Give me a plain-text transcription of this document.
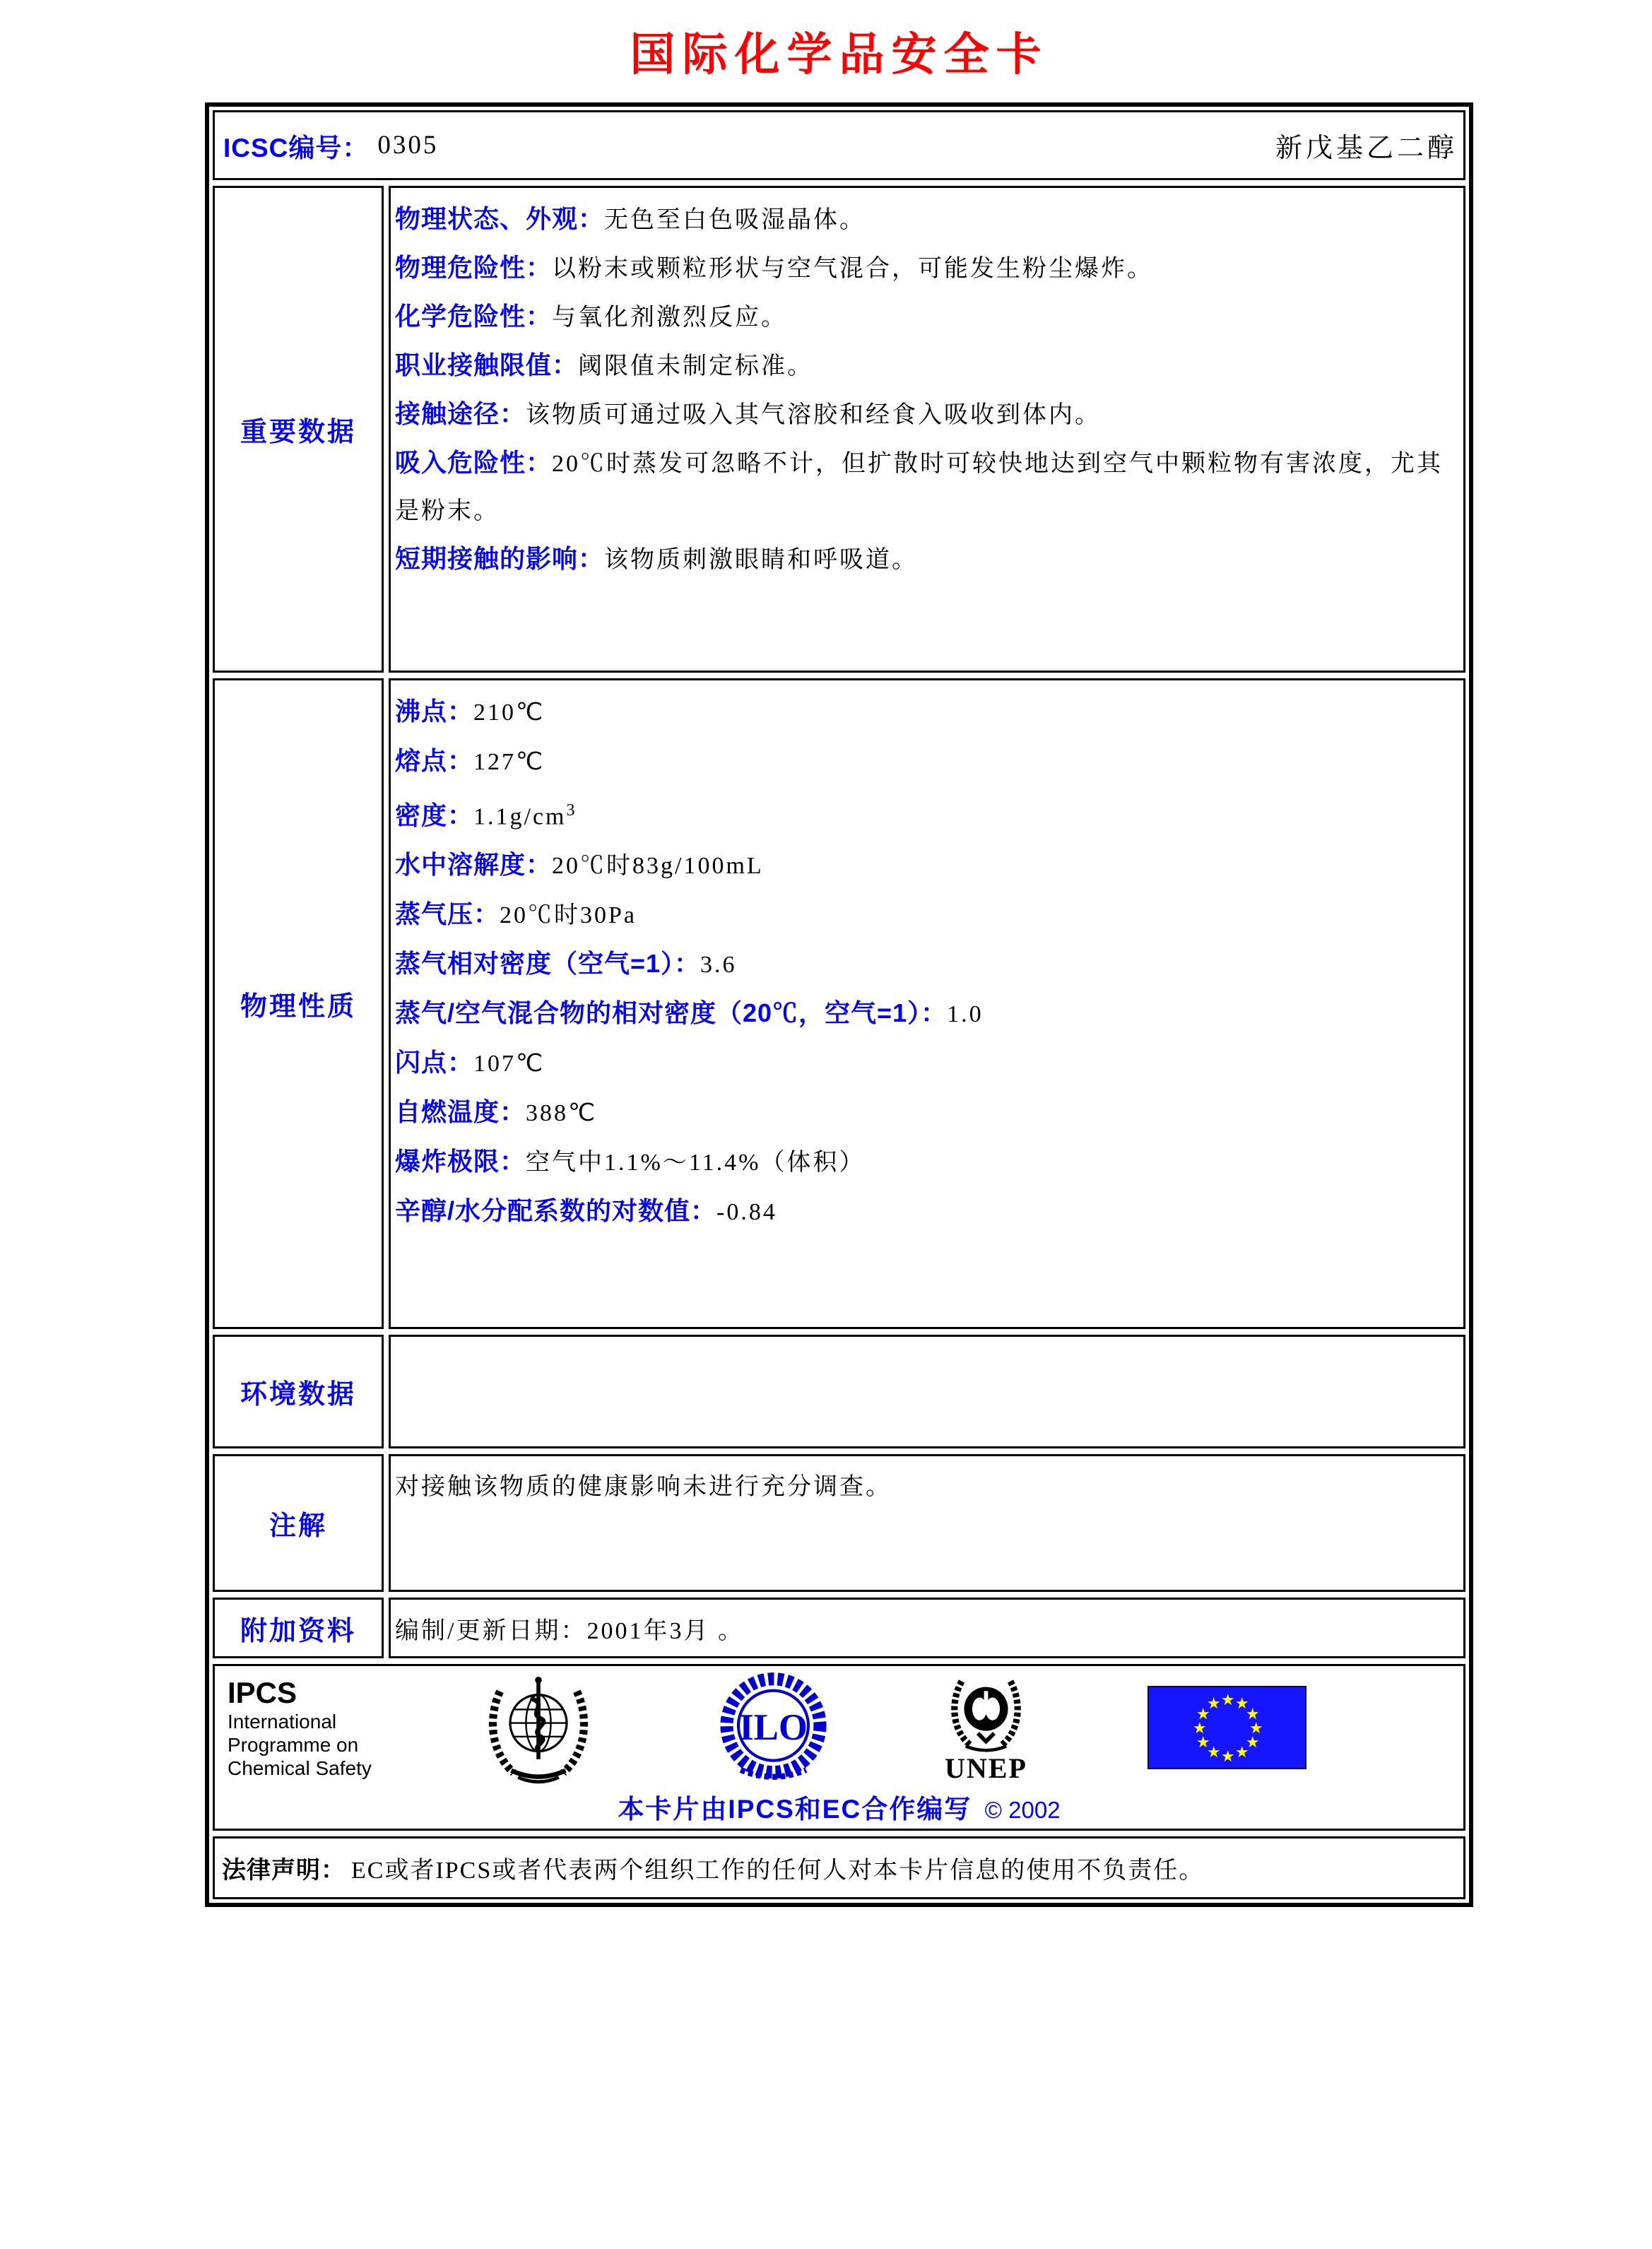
国际化学品安全卡
ICSC编号： 0305	新戊基乙二醇
重要数据
物理状态、外观：无色至白色吸湿晶体。
物理危险性：以粉末或颗粒形状与空气混合，可能发生粉尘爆炸。
化学危险性：与氧化剂激烈反应。
职业接触限值：阈限值未制定标准。
接触途径：该物质可通过吸入其气溶胶和经食入吸收到体内。
吸入危险性：20℃时蒸发可忽略不计，但扩散时可较快地达到空气中颗粒物有害浓度，尤其是粉末。
短期接触的影响：该物质刺激眼睛和呼吸道。
物理性质
沸点：210℃
熔点：127℃
密度：$1.1g/cm^3$
水中溶解度：20℃时83g/100mL
蒸气压：20℃时30Pa
蒸气相对密度（空气=1）：3.6
蒸气/空气混合物的相对密度（20℃，空气=1）：1.0
闪点：107℃
自燃温度：388℃
爆炸极限：空气中1.1%～11.4%（体积）
辛醇/水分配系数的对数值：-0.84
环境数据
注解
对接触该物质的健康影响未进行充分调查。
附加资料 编制/更新日期：2001年3月 。
IPCS
International
Programme on
Chemical Safety
ILO
UNEP
★
★
★
★
★
★
★
★
★
★
★
★
本卡片由IPCS和EC合作编写 © 2002
法律声明： EC或者IPCS或者代表两个组织工作的任何人对本卡片信息的使用不负责任。
